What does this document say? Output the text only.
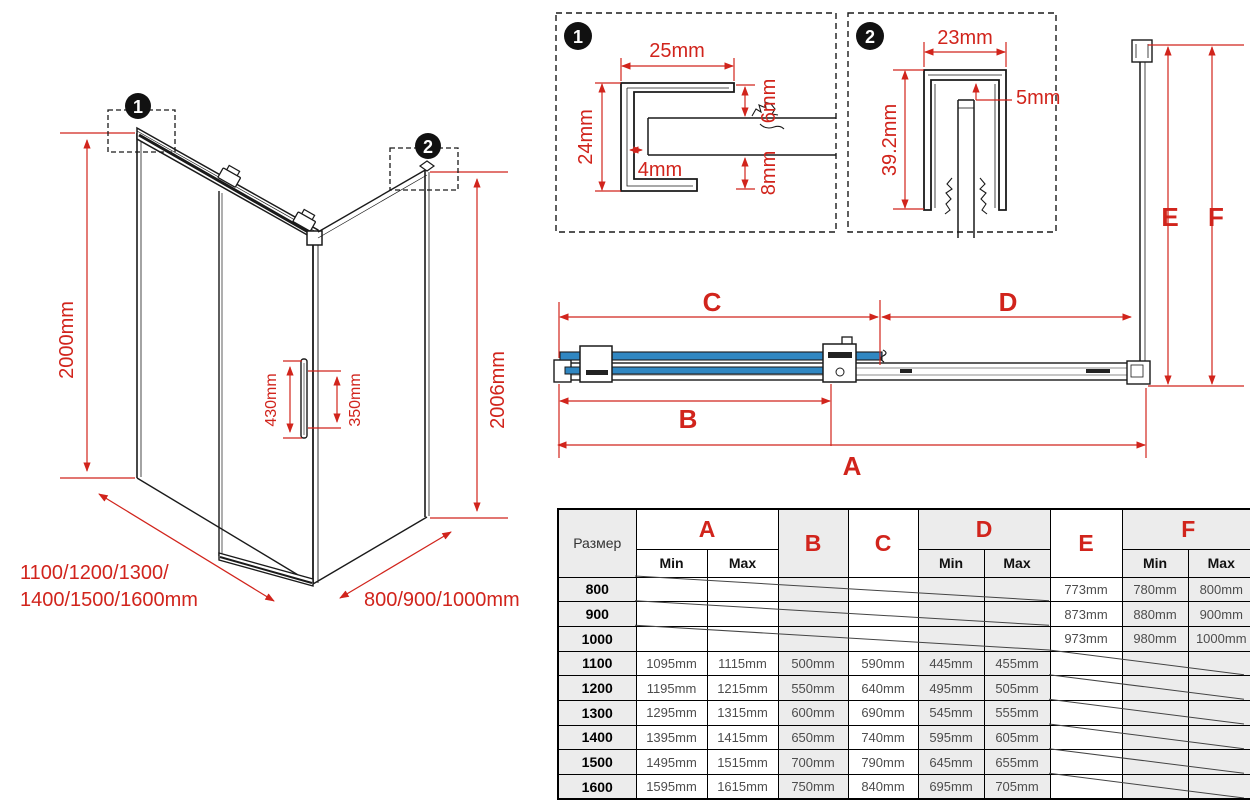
2000mm
2006mm
430mm	350mm
1100/1200/1300/
1400/1500/1600mm	800/900/1000mm
1
2
1
25mm
24mm
6mm
4mm	8mm
2	23mm
5mm
39.2mm
C	D
B
A
E F
Размер	A		B	C	D		E	F	
	Min	Max			Min	Max		Min	Max
800							773mm	780mm	800mm
900							873mm	880mm	900mm
1000							973mm	980mm	1000mm
1100	1095mm	1115mm	500mm	590mm	445mm	455mm			
1200	1195mm	1215mm	550mm	640mm	495mm	505mm			
1300	1295mm	1315mm	600mm	690mm	545mm	555mm			
1400	1395mm	1415mm	650mm	740mm	595mm	605mm			
1500	1495mm	1515mm	700mm	790mm	645mm	655mm			
1600	1595mm	1615mm	750mm	840mm	695mm	705mm			
